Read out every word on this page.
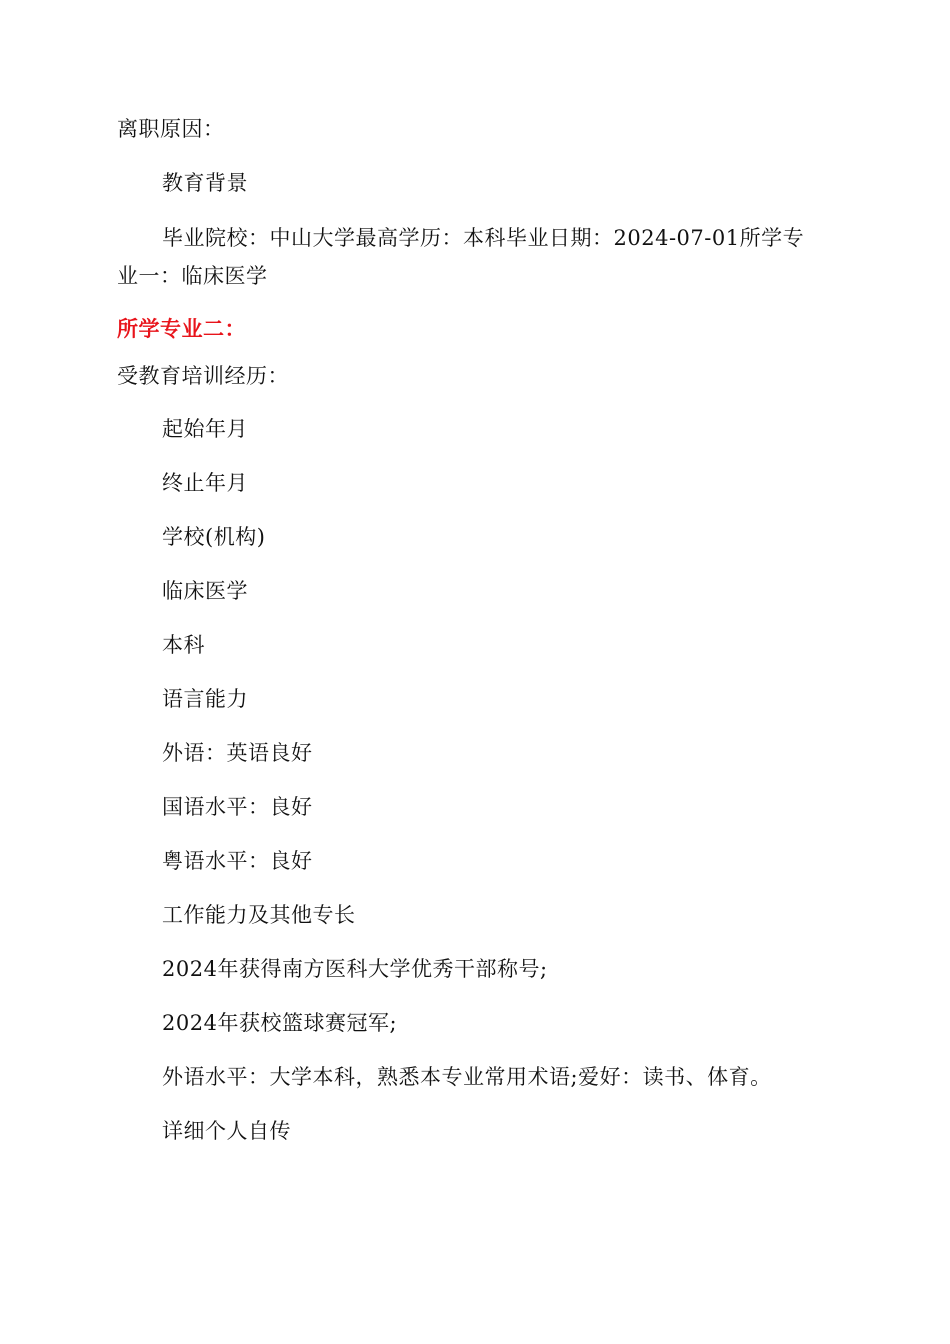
离职原因：
教育背景
毕业院校：中山大学最高学历：本科毕业日期：2024-07-01所学专业一：临床医学
所学专业二：
受教育培训经历：
起始年月
终止年月
学校(机构)
临床医学
本科
语言能力
外语：英语良好
国语水平：良好
粤语水平：良好
工作能力及其他专长
2024年获得南方医科大学优秀干部称号;
2024年获校篮球赛冠军;
外语水平：大学本科，熟悉本专业常用术语;爱好：读书、体育。
详细个人自传
